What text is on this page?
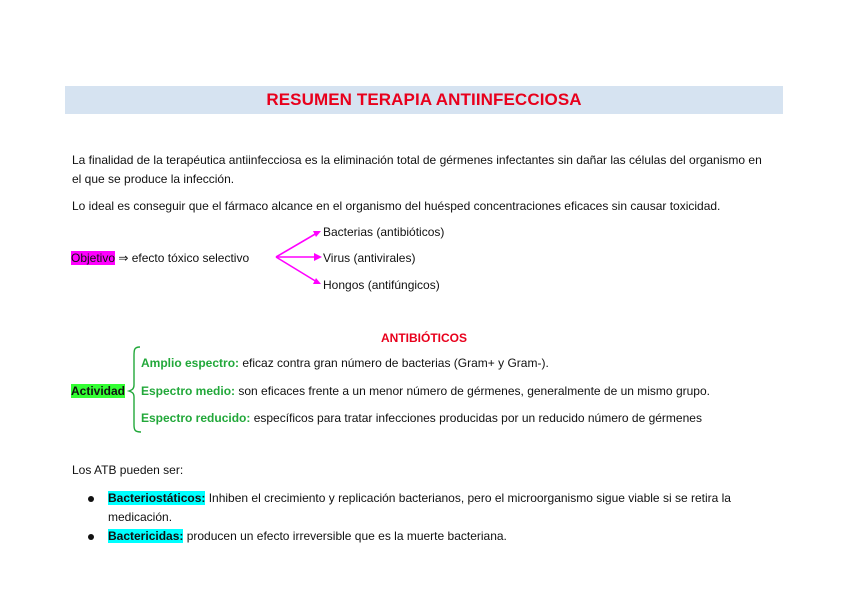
RESUMEN TERAPIA ANTIINFECCIOSA
La finalidad de la terapéutica antiinfecciosa es la eliminación total de gérmenes infectantes sin dañar las células del organismo en el que se produce la infección.
Lo ideal es conseguir que el fármaco alcance en el organismo del huésped concentraciones eficaces sin causar toxicidad.
Objetivo ⇒ efecto tóxico selectivo
Bacterias (antibióticos)
Virus (antivirales)
Hongos (antifúngicos)
ANTIBIÓTICOS
Actividad
Amplio espectro: eficaz contra gran número de bacterias (Gram+ y Gram-).
Espectro medio: son eficaces frente a un menor número de gérmenes, generalmente de un mismo grupo.
Espectro reducido: específicos para tratar infecciones producidas por un reducido número de gérmenes
Los ATB pueden ser:
Bacteriostáticos: Inhiben el crecimiento y replicación bacterianos, pero el microorganismo sigue viable si se retira la medicación.
Bactericidas: producen un efecto irreversible que es la muerte bacteriana.
